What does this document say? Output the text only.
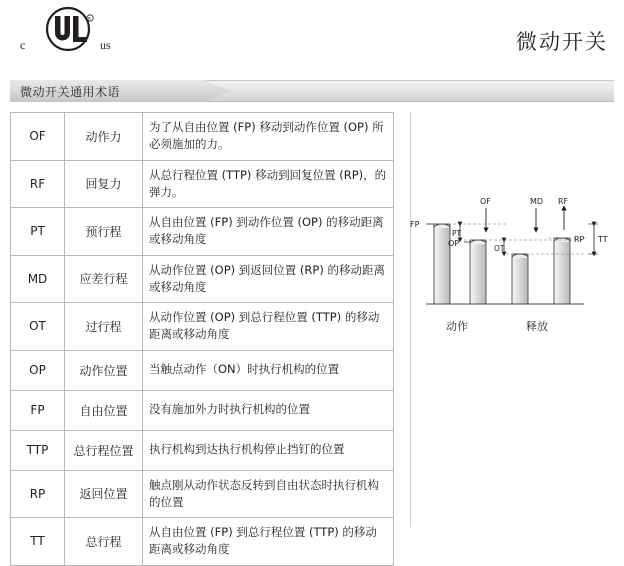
R
c	us	微动开关
微动开关通用术语
OF	动作力	为了从自由位置 (FP) 移动到动作位置 (OP) 所必须施加的力。
RF	回复力	从总行程位置 (TTP) 移动到回复位置 (RP)，的弹力。
PT	预行程	从自由位置 (FP) 到动作位置 (OP) 的移动距离 或移动角度
MD	应差行程	从动作位置 (OP) 到返回位置 (RP) 的移动距离或移动角度
OT	过行程	从动作位置 (OP) 到总行程位置 (TTP) 的移动距离或移动角度
OP	动作位置	当触点动作（ON）时执行机构的位置
FP	自由位置	没有施加外力时执行机构的位置
TTP	总行程位置	执行机构到达执行机构停止挡钉的位置
RP	返回位置	触点刚从动作状态反转到自由状态时执行机构的位置
TT	总行程	从自由位置 (FP) 到总行程位置 (TTP) 的移动距离或移动角度
OF	MD RF
FP
OP
PT
OT
RP TT
动作	释放
